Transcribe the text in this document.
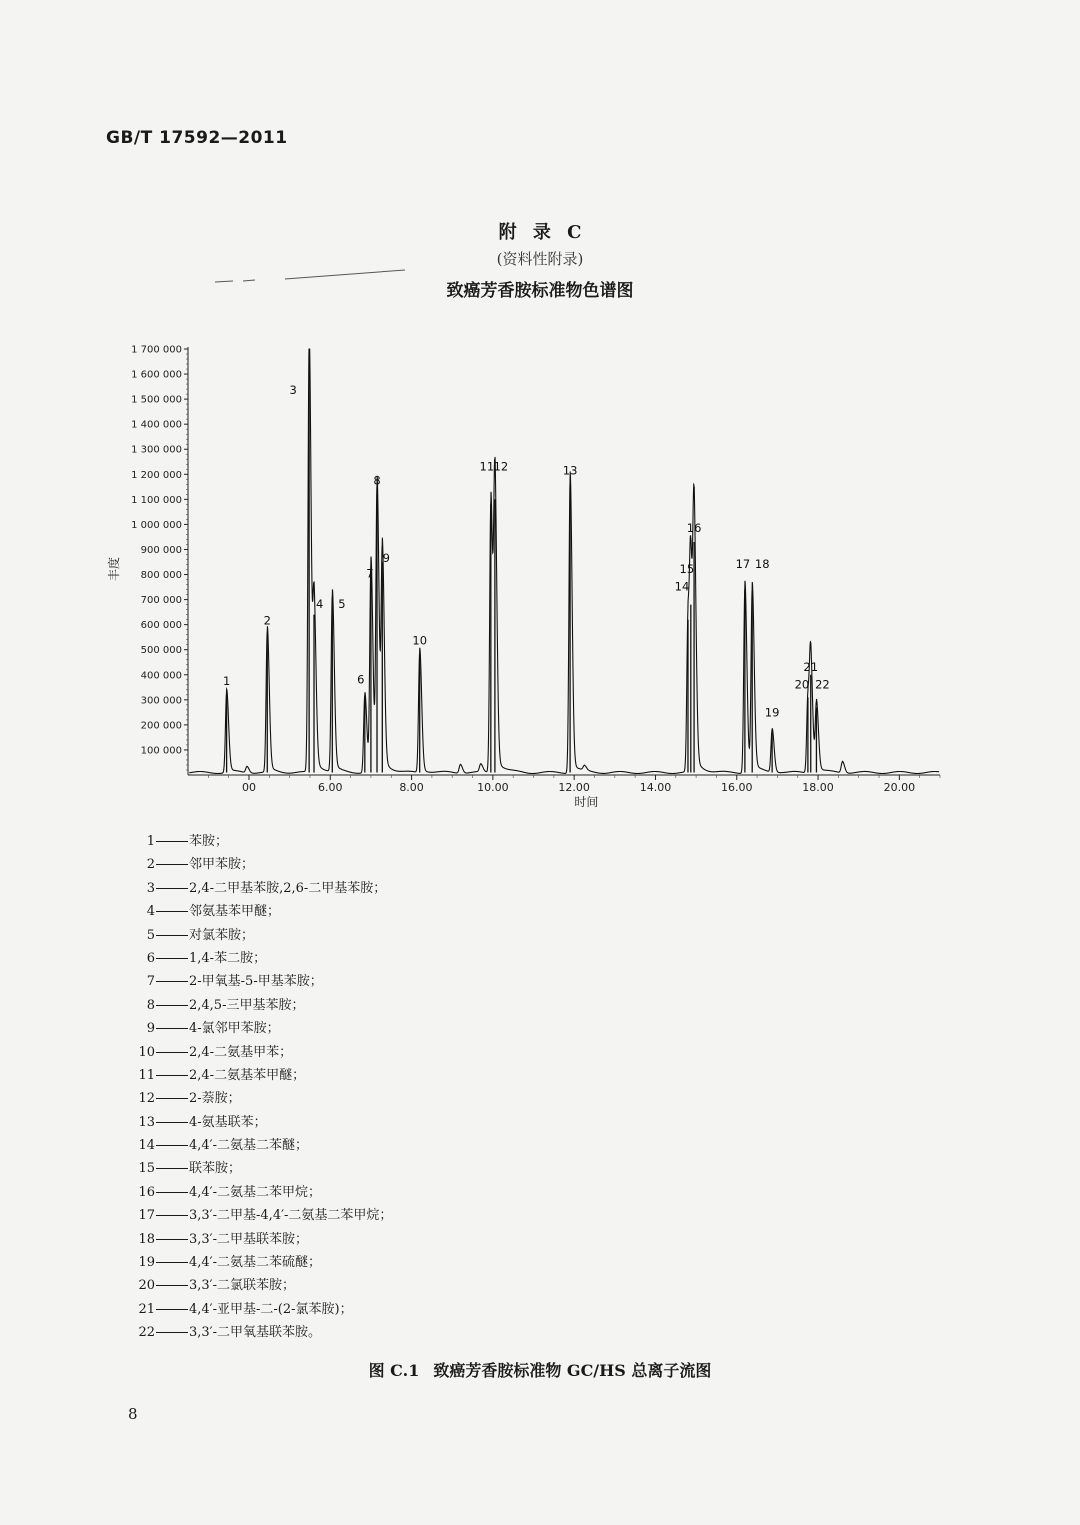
GB/T 17592—2011
附 录 C
(资料性附录)
致癌芳香胺标准物色谱图
100 000
200 000
300 000
400 000
500 000
600 000
700 000
800 000
900 000
1 000 000
1 100 000
1 200 000
1 300 000
1 400 000
1 500 000
1 600 000
1 700 000
00	6.00	8.00	10.00	12.00	14.00	16.00	18.00	20.00
时间
丰度
1
2
3
4 5
6
7
8
9
10
11 12	13
14
15
16
17 18
19
20
21
22
1	苯胺；
2	邻甲苯胺；
3	2,4-二甲基苯胺,2,6-二甲基苯胺；
4	邻氨基苯甲醚；
5	对氯苯胺；
6	1,4-苯二胺；
7	2-甲氧基-5-甲基苯胺；
8	2,4,5-三甲基苯胺；
9	4-氯邻甲苯胺；
10	2,4-二氨基甲苯；
11	2,4-二氨基苯甲醚；
12	2-萘胺；
13	4-氨基联苯；
14	4,4′-二氨基二苯醚；
15	联苯胺；
16	4,4′-二氨基二苯甲烷；
17	3,3′-二甲基-4,4′-二氨基二苯甲烷；
18	3,3′-二甲基联苯胺；
19	4,4′-二氨基二苯硫醚；
20	3,3′-二氯联苯胺；
21	4,4′-亚甲基-二-(2-氯苯胺)；
22	3,3′-二甲氧基联苯胺。
图 C.1 致癌芳香胺标准物 GC/HS 总离子流图
8
